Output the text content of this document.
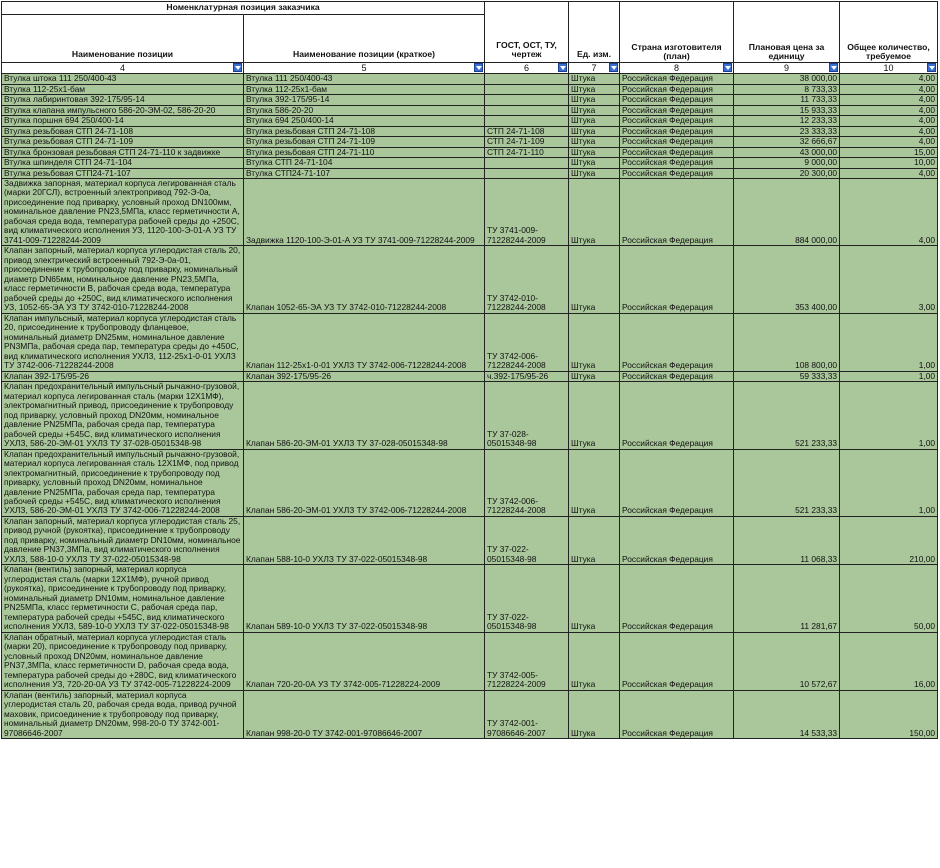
Номенклатурная позиция заказчика		ГОСТ, ОСТ, ТУ, чертеж	Ед. изм.	Страна изготовителя (план)	Плановая цена за единицу	Общее количество, требуемое
Наименование позиции	Наименование позиции (краткое)					
4	5	6	7	8	9	10

Втулка штока 111 250/400-43	Втулка 111 250/400-43		Штука	Российская Федерация	38 000,00	4,00
Втулка 112-25х1-бам	Втулка 112-25х1-бам		Штука	Российская Федерация	8 733,33	4,00
Втулка лабиринтовая 392-175/95-14	Втулка 392-175/95-14		Штука	Российская Федерация	11 733,33	4,00
Втулка клапана импульсного 586-20-ЭМ-02, 586-20-20	Втулка 586-20-20		Штука	Российская Федерация	15 933,33	4,00
Втулка поршня 694 250/400-14	Втулка 694 250/400-14		Штука	Российская Федерация	12 233,33	4,00
Втулка резьбовая СТП 24-71-108	Втулка резьбовая СТП 24-71-108	СТП 24-71-108	Штука	Российская Федерация	23 333,33	4,00
Втулка резьбовая СТП 24-71-109	Втулка резьбовая СТП 24-71-109	СТП 24-71-109	Штука	Российская Федерация	32 666,67	4,00
Втулка бронзовая резьбовая СТП 24-71-110 к задвижке	Втулка резьбовая СТП 24-71-110	СТП 24-71-110	Штука	Российская Федерация	43 000,00	15,00
Втулка шпинделя СТП 24-71-104	Втулка СТП 24-71-104		Штука	Российская Федерация	9 000,00	10,00
Втулка резьбовая СТП24-71-107	Втулка СТП24-71-107		Штука	Российская Федерация	20 300,00	4,00
Задвижка запорная, материал корпуса легированная сталь (марки 20ГСЛ), встроенный электропривод 792-Э-0а, присоединение под приварку, условный проход DN100мм, номинальное давление PN23,5МПа, класс герметичности А, рабочая среда вода, температура рабочей среды до +250С, вид климатического исполнения УЗ, 1120-100-Э-01-А УЗ ТУ 3741-009-71228244-2009	Задвижка 1120-100-Э-01-А УЗ ТУ 3741-009-71228244-2009	ТУ 3741-009-71228244-2009	Штука	Российская Федерация	884 000,00	4,00
Клапан запорный, материал корпуса углеродистая сталь 20, привод электрический встроенный 792-Э-0а-01, присоединение к трубопроводу под приварку, номинальный диаметр DN65мм, номинальное давление PN23,5МПа, класс герметичности В, рабочая среда вода, температура рабочей среды до +250С, вид климатического исполнения УЗ, 1052-65-ЭА УЗ ТУ 3742-010-71228244-2008	Клапан 1052-65-ЭА УЗ ТУ 3742-010-71228244-2008	ТУ 3742-010-71228244-2008	Штука	Российская Федерация	353 400,00	3,00
Клапан импульсный, материал корпуса углеродистая сталь 20, присоединение к трубопроводу фланцевое, номинальный диаметр DN25мм, номинальное давление PN3МПа, рабочая среда пар, температура среды до +450С, вид климатического исполнения УХЛЗ, 112-25х1-0-01 УХЛЗ ТУ 3742-006-71228244-2008	Клапан 112-25х1-0-01 УХЛЗ ТУ 3742-006-71228244-2008	ТУ 3742-006-71228244-2008	Штука	Российская Федерация	108 800,00	1,00
Клапан 392-175/95-26	Клапан 392-175/95-26	ч.392-175/95-26	Штука	Российская Федерация	59 333,33	1,00
Клапан предохранительный импульсный рычажно-грузовой, материал корпуса легированная сталь (марки 12Х1МФ), электромагнитный привод, присоединение к трубопроводу под приварку, условный проход DN20мм, номинальное давление PN25МПа, рабочая среда пар, температура рабочей среды +545С, вид климатического исполнения УХЛЗ, 586-20-ЭМ-01 УХЛЗ ТУ 37-028-05015348-98	Клапан 586-20-ЭМ-01 УХЛЗ ТУ 37-028-05015348-98	ТУ 37-028-05015348-98	Штука	Российская Федерация	521 233,33	1,00
Клапан предохранительный импульсный рычажно-грузовой, материал корпуса легированная сталь 12Х1МФ, под привод электромагнитный, присоединение к трубопроводу под приварку, условный проход DN20мм, номинальное давление PN25МПа, рабочая среда пар, температура рабочей среды +545С, вид климатического исполнения УХЛЗ, 586-20-ЭМ-01 УХЛЗ ТУ 3742-006-71228244-2008	Клапан 586-20-ЭМ-01 УХЛЗ ТУ 3742-006-71228244-2008	ТУ 3742-006-71228244-2008	Штука	Российская Федерация	521 233,33	1,00
Клапан запорный, материал корпуса углеродистая сталь 25, привод ручной (рукоятка), присоединение к трубопроводу под приварку, номинальный диаметр DN10мм, номинальное давление PN37,3МПа, вид климатического исполнения УХЛЗ, 588-10-0 УХЛЗ ТУ 37-022-05015348-98	Клапан 588-10-0 УХЛЗ ТУ 37-022-05015348-98	ТУ 37-022-05015348-98	Штука	Российская Федерация	11 068,33	210,00
Клапан (вентиль) запорный, материал корпуса углеродистая сталь (марки 12Х1МФ), ручной привод (рукоятка), присоединение к трубопроводу под приварку, номинальный диаметр DN10мм, номинальное давление PN25МПа, класс герметичности С, рабочая среда пар, температура рабочей среды +545С, вид климатического исполнения УХЛЗ, 589-10-0 УХЛЗ ТУ 37-022-05015348-98	Клапан 589-10-0 УХЛЗ ТУ 37-022-05015348-98	ТУ 37-022-05015348-98	Штука	Российская Федерация	11 281,67	50,00
Клапан обратный, материал корпуса углеродистая сталь (марки 20), присоединение к трубопроводу под приварку, условный проход DN20мм, номинальное давление PN37,3МПа, класс герметичности D, рабочая среда вода, температура рабочей среды до +280С, вид климатического исполнения УЗ, 720-20-0А УЗ ТУ 3742-005-71228224-2009	Клапан 720-20-0А УЗ ТУ 3742-005-71228224-2009	ТУ 3742-005-71228224-2009	Штука	Российская Федерация	10 572,67	16,00
Клапан (вентиль) запорный, материал корпуса углеродистая сталь 20, рабочая среда вода, привод ручной маховик, присоединение к трубопроводу под приварку, номинальный диаметр DN20мм, 998-20-0 ТУ 3742-001-97086646-2007	Клапан 998-20-0 ТУ 3742-001-97086646-2007	ТУ 3742-001-97086646-2007	Штука	Российская Федерация	14 533,33	150,00
